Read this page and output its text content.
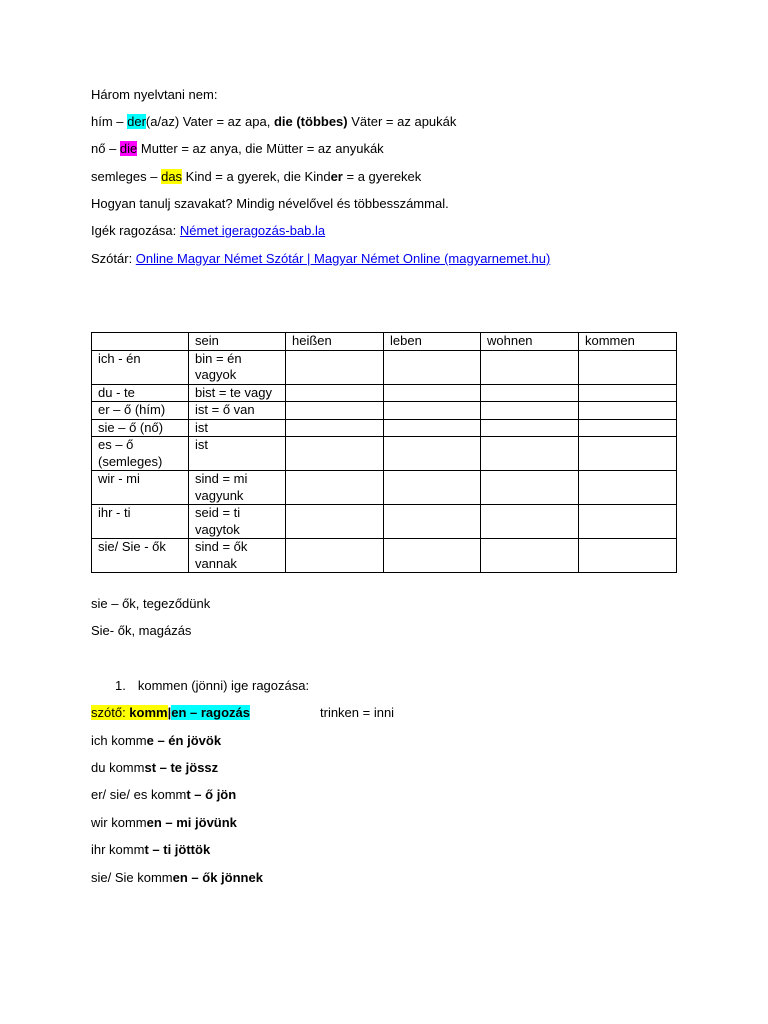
Három nyelvtani nem:
hím – der(a/az) Vater = az apa, die (többes) Väter = az apukák
nő – die Mutter = az anya, die Mütter = az anyukák
semleges – das Kind = a gyerek, die Kinder = a gyerekek
Hogyan tanulj szavakat? Mindig névelővel és többesszámmal.
Igék ragozása: Német igeragozás-bab.la
Szótár: Online Magyar Német Szótár | Magyar Német Online (magyarnemet.hu)
	sein	heißen	leben	wohnen	kommen
ich - én	bin = én vagyok				
du - te	bist = te vagy				
er – ő (hím)	ist = ő van				
sie – ő (nő)	ist				
es – ő (semleges)	ist				
wir - mi	sind = mi vagyunk				
ihr - ti	seid = ti vagytok				
sie/ Sie - ők	sind = ők vannak				
sie – ők, tegeződünk
Sie- ők, magázás
1. kommen (jönni) ige ragozása:
szótő: komm|en – ragozás	trinken = inni
ich komme – én jövök
du kommst – te jössz
er/ sie/ es kommt – ő jön
wir kommen – mi jövünk
ihr kommt – ti jöttök
sie/ Sie kommen – ők jönnek
